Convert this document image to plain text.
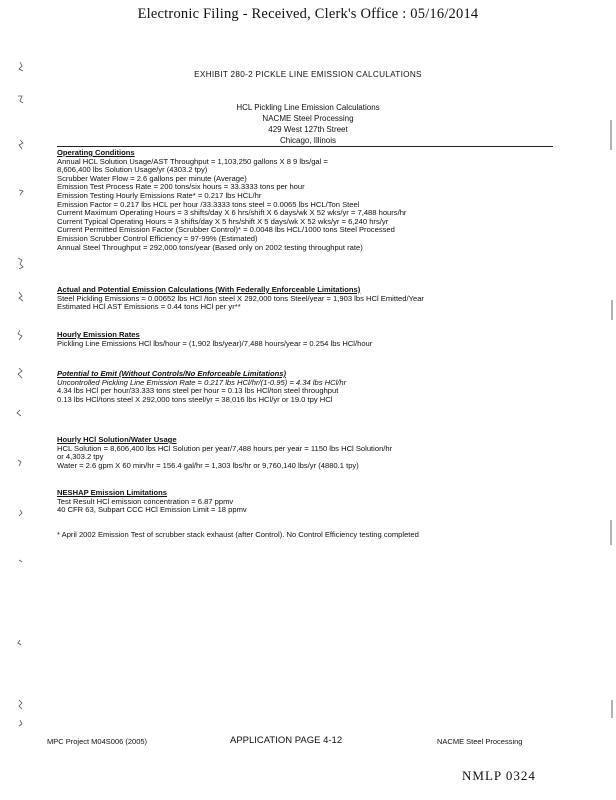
Electronic Filing - Received, Clerk's Office : 05/16/2014
EXHIBIT 280-2 PICKLE LINE EMISSION CALCULATIONS
HCL Pickling Line Emission Calculations
NACME Steel Processing
429 West 127th Street
Chicago, Illinois
Operating Conditions
Annual HCL Solution Usage/AST Throughput = 1,103,250 gallons X 8 9 lbs/gal =
8,606,400 lbs Solution Usage/yr (4303.2 tpy)
Scrubber Water Flow = 2.6 gallons per minute (Average)
Emission Test Process Rate = 200 tons/six hours = 33.3333 tons per hour
Emission Testing Hourly Emissions Rate* = 0.217 lbs HCL/hr
Emission Factor = 0.217 lbs HCL per hour /33.3333 tons steel = 0.0065 lbs HCL/Ton Steel
Current Maximum Operating Hours = 3 shifts/day X 6 hrs/shift X 6 days/wk X 52 wks/yr = 7,488 hours/hr
Current Typical Operating Hours = 3 shifts/day X 5 hrs/shift X 5 days/wk X 52 wks/yr = 6,240 hrs/yr
Current Permitted Emission Factor (Scrubber Control)* = 0.0048 lbs HCL/1000 tons Steel Processed
Emission Scrubber Control Efficiency = 97-99% (Estimated)
Annual Steel Throughput = 292,000 tons/year (Based only on 2002 testing throughput rate)
Actual and Potential Emission Calculations (With Federally Enforceable Limitations)
Steel Pickling Emissions = 0.00652 lbs HCl /ton steel X 292,000 tons Steel/year = 1,903 lbs HCl Emitted/Year
Estimated HCl AST Emissions = 0.44 tons HCl per yr**
Hourly Emission Rates
Pickling Line Emissions HCl lbs/hour = (1,902 lbs/year)/7,488 hours/year = 0.254 lbs HCl/hour
Potential to Emit (Without Controls/No Enforceable Limitations)
Uncontrolled Pickling Line Emission Rate = 0.217 lbs HCl/hr/(1-0.95) = 4.34 lbs HCl/hr
4.34 lbs HCl per hour/33.333 tons steel per hour = 0.13 lbs HCl/ton steel throughput
0.13 lbs HCl/tons steel X 292,000 tons steel/yr = 38,016 lbs HCl/yr or 19.0 tpy HCl
Hourly HCl Solution/Water Usage
HCL Solution = 8,606,400 lbs HCl Solution per year/7,488 hours per year = 1150 lbs HCl Solution/hr
or 4,303.2 tpy
Water = 2.6 gpm X 60 min/hr = 156.4 gal/hr = 1,303 lbs/hr or 9,760,140 lbs/yr (4880.1 tpy)
NESHAP Emission Limitations
Test Result HCl emission concentration = 6.87 ppmv
40 CFR 63, Subpart CCC HCl Emission Limit = 18 ppmv
* April 2002 Emission Test of scrubber stack exhaust (after Control). No Control Efficiency testing completed
MPC Project M04S006 (2005)	APPLICATION PAGE 4-12	NACME Steel Processing
NMLP 0324
